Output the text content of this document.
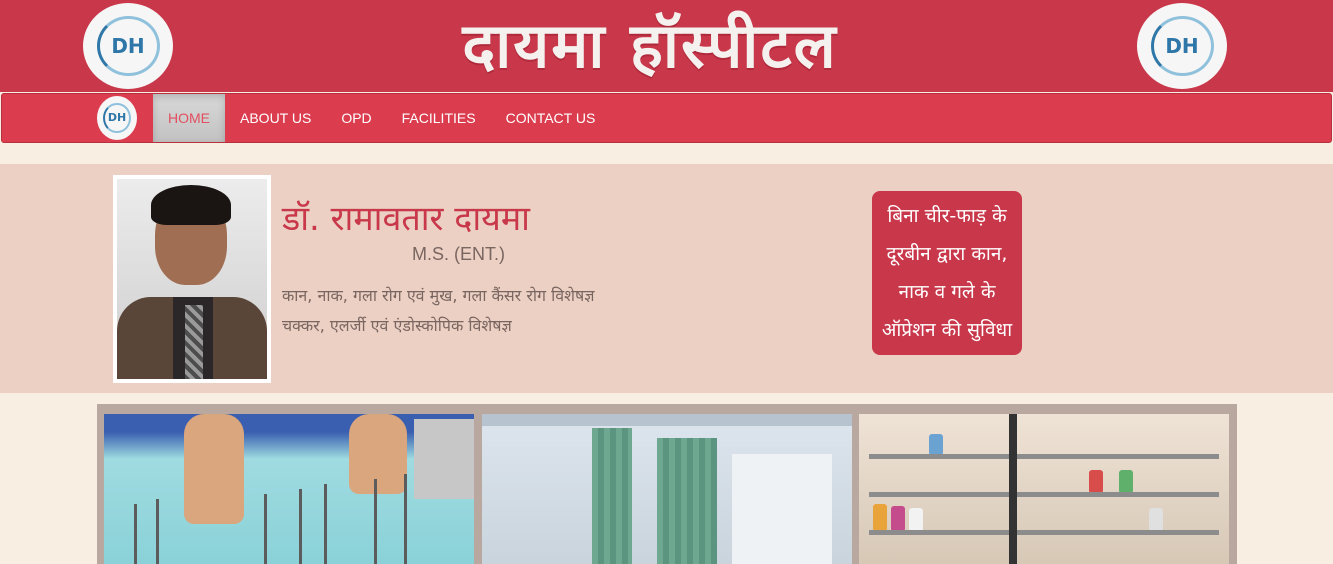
DH	दायमा हॉस्पीटल	DH
DH	HOME	ABOUT US	OPD	FACILITIES	CONTACT US
डॉ. रामावतार दायमा
M.S. (ENT.)
कान, नाक, गला रोग एवं मुख, गला कैंसर रोग विशेषज्ञ
चक्कर, एलर्जी एवं एंडोस्कोपिक विशेषज्ञ
बिना चीर-फाड़ के
दूरबीन द्वारा कान,
नाक व गले के
ऑप्रेशन की सुविधा
